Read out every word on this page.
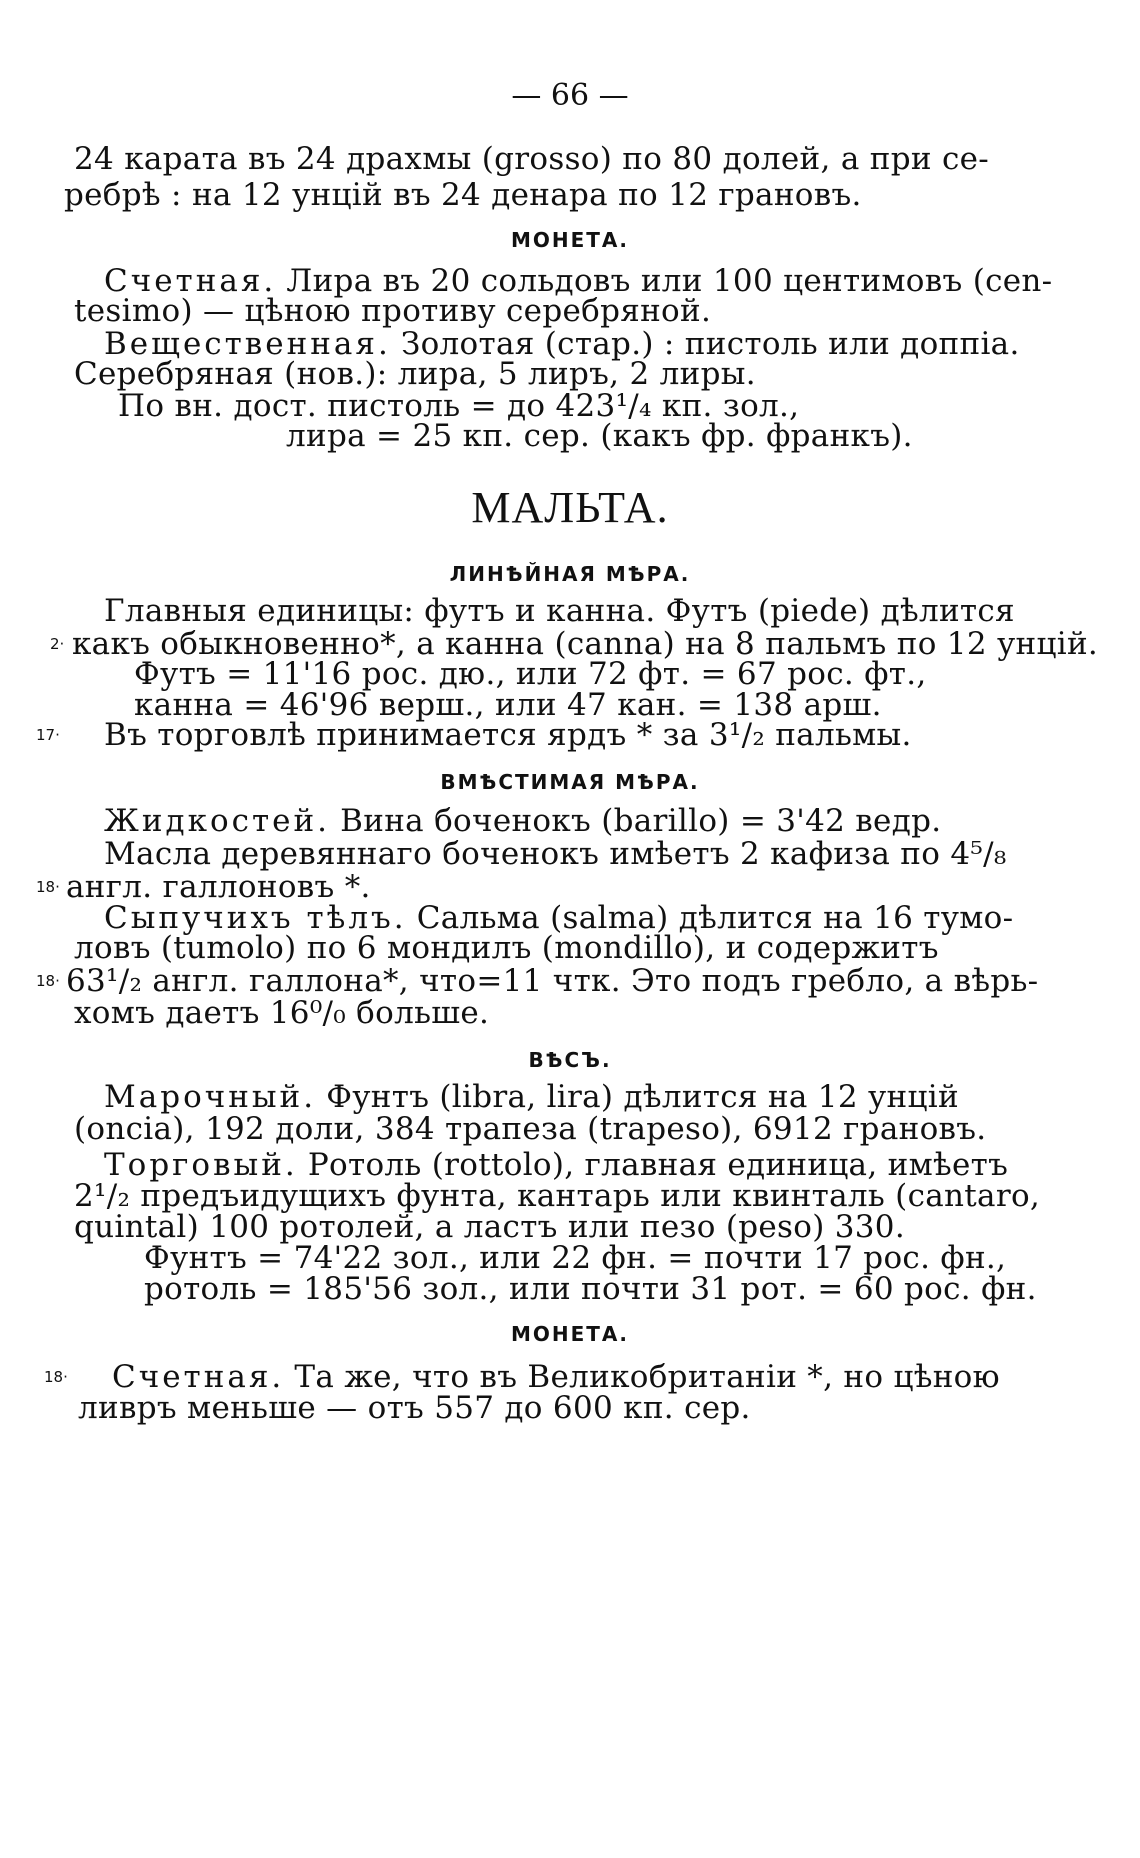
— 66 —
24 карата въ 24 драхмы (grosso) по 80 долей, а при се-
ребрѣ : на 12 унцій въ 24 денара по 12 грановъ.
МОНЕТА.
Счетная. Лира въ 20 сольдовъ или 100 центимовъ (cen-
tesimo) — цѣною противу серебряной.
Вещественная. Золотая (стар.) : пистоль или доппіа.
Серебряная (нов.): лира, 5 лиръ, 2 лиры.
По вн. дост. пистоль = до 423¹/₄ кп. зол.,
лира = 25 кп. сер. (какъ фр. франкъ).
МАЛЬТА.
ЛИНѢЙНАЯ МѢРА.
Главныя единицы: футъ и канна. Футъ (piede) дѣлится
2· какъ обыкновенно*, а канна (canna) на 8 пальмъ по 12 унцій.
Футъ = 11'16 рос. дю., или 72 фт. = 67 рос. фт.,
канна = 46'96 верш., или 47 кан. = 138 арш.
17· Въ торговлѣ принимается ярдъ * за 3¹/₂ пальмы.
ВМѢСТИМАЯ МѢРА.
Жидкостей. Вина боченокъ (barillo) = 3'42 ведр.
Масла деревяннаго боченокъ имѣетъ 2 кафиза по 4⁵/₈
18· англ. галлоновъ *.
Сыпучихъ тѣлъ. Сальма (salma) дѣлится на 16 тумо-
ловъ (tumolo) по 6 мондилъ (mondillo), и содержитъ
18· 63¹/₂ англ. галлона*, что=11 чтк. Это подъ гребло, а вѣрь-
хомъ даетъ 16⁰/₀ больше.
ВѢСЪ.
Марочный. Фунтъ (libra, lira) дѣлится на 12 унцій
(oncia), 192 доли, 384 трапеза (trapeso), 6912 грановъ.
Торговый. Ротоль (rottolo), главная единица, имѣетъ
2¹/₂ предъидущихъ фунта, кантарь или квинталь (cantaro,
quintal) 100 ротолей, а ластъ или пезо (peso) 330.
Фунтъ = 74'22 зол., или 22 фн. = почти 17 рос. фн.,
ротоль = 185'56 зол., или почти 31 рот. = 60 рос. фн.
МОНЕТА.
18· Счетная. Та же, что въ Великобританіи *, но цѣною
ливръ меньше — отъ 557 до 600 кп. сер.
